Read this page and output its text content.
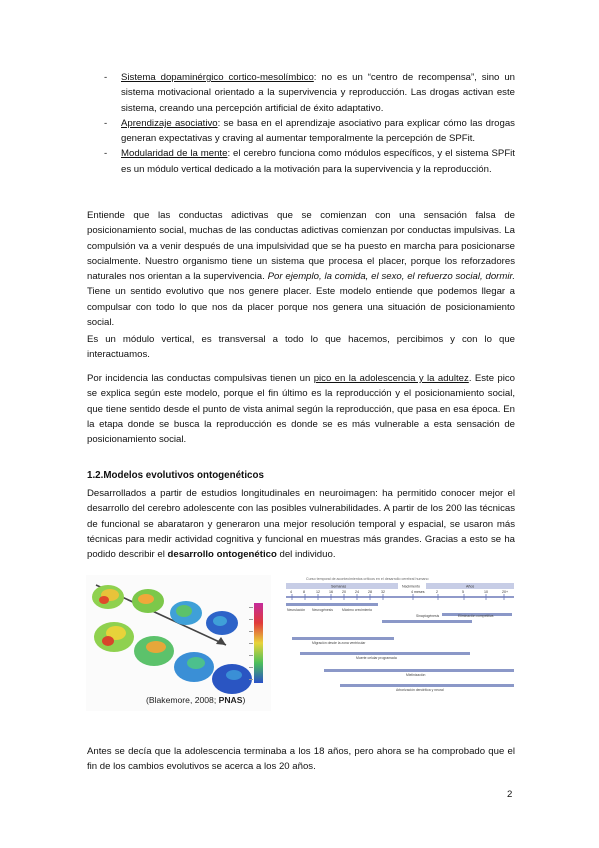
- Sistema dopaminérgico cortico-mesolímbico: no es un “centro de recompensa”, sino un sistema motivacional orientado a la supervivencia y reproducción. Las drogas activan este sistema, creando una percepción artificial de éxito adaptativo.
- Aprendizaje asociativo: se basa en el aprendizaje asociativo para explicar cómo las drogas generan expectativas y craving al aumentar temporalmente la percepción de SPFit.
- Modularidad de la mente: el cerebro funciona como módulos específicos, y el sistema SPFit es un módulo vertical dedicado a la motivación para la supervivencia y la reproducción.
Entiende que las conductas adictivas que se comienzan con una sensación falsa de posicionamiento social, muchas de las conductas adictivas comienzan por conductas impulsivas. La compulsión va a venir después de una impulsividad que se ha puesto en marcha para posicionarse socialmente. Nuestro organismo tiene un sistema que procesa el placer, porque los reforzadores naturales nos orientan a la supervivencia. Por ejemplo, la comida, el sexo, el refuerzo social, dormir. Tiene un sentido evolutivo que nos genere placer. Este modelo entiende que podemos llegar a compulsar con todo lo que nos da placer porque nos genera una situación de posicionamiento social.
Es un módulo vertical, es transversal a todo lo que hacemos, percibimos y con lo que interactuamos.
Por incidencia las conductas compulsivas tienen un pico en la adolescencia y la adultez. Este pico se explica según este modelo, porque el fin último es la reproducción y el posicionamiento social, que tiene sentido desde el punto de vista animal según la reproducción, que pasa en esa época. En la etapa donde se busca la reproducción es donde se es más vulnerable a esta sensación de posicionamiento social.
1.2.Modelos evolutivos ontogenéticos
Desarrollados a partir de estudios longitudinales en neuroimagen: ha permitido conocer mejor el desarrollo del cerebro adolescente con las posibles vulnerabilidades. A partir de los 200 las técnicas de funcional se abarataron y generaron una mejor resolución temporal y espacial, se usaron más técnicas para medir actividad cognitiva y funcional en muestras más grandes. Gracias a esto se ha podido describir el desarrollo ontogenético del individuo.
(Blakemore, 2008; PNAS)
Curso temporal de acontecimientos críticos en el desarrollo cerebral humano
Semanas	Nacimiento	Años
4	8	12	16	20	24	28	32	4 meses	2	5	10	20+
Neurulación Neurogénesis	Máximo crecimiento
Sinaptogénesis	Eliminación competitiva
Migración desde la zona ventricular
Muerte celular programada
Mielinización
Arborización dendrítica y neural
Antes se decía que la adolescencia terminaba a los 18 años, pero ahora se ha comprobado que el fin de los cambios evolutivos se acerca a los 20 años.
2
